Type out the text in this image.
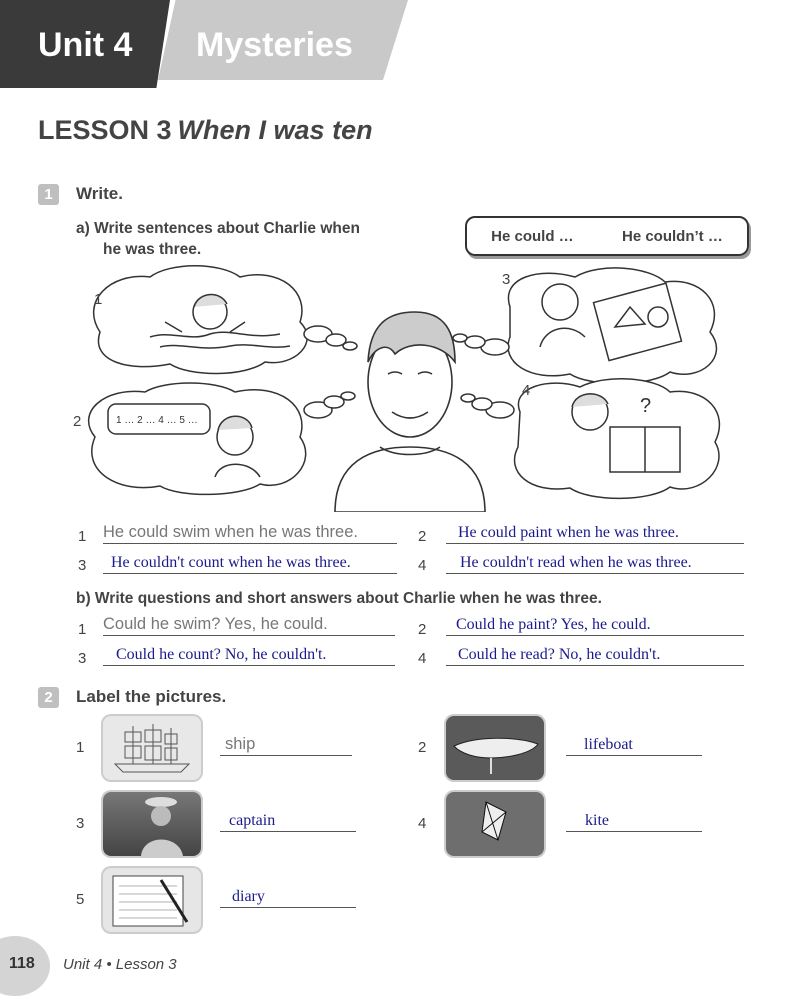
Unit 4 Mysteries
LESSON 3 When I was ten
1	Write.
a) Write sentences about Charlie when
he was three.
He could …	He couldn’t …
1 … 2 … 4 … 5 …
?
1
2
3
4
1 He could swim when he was three.	2 He could paint when he was three.
3 He couldn't count when he was three.	4 He couldn't read when he was three.
b) Write questions and short answers about Charlie when he was three.
1 Could he swim? Yes, he could.	2 Could he paint? Yes, he could.
3 Could he count? No, he couldn't.	4 Could he read? No, he couldn't.
2	Label the pictures.
1	ship	2	lifeboat
3	captain	4	kite
5	diary
118 Unit 4 • Lesson 3
